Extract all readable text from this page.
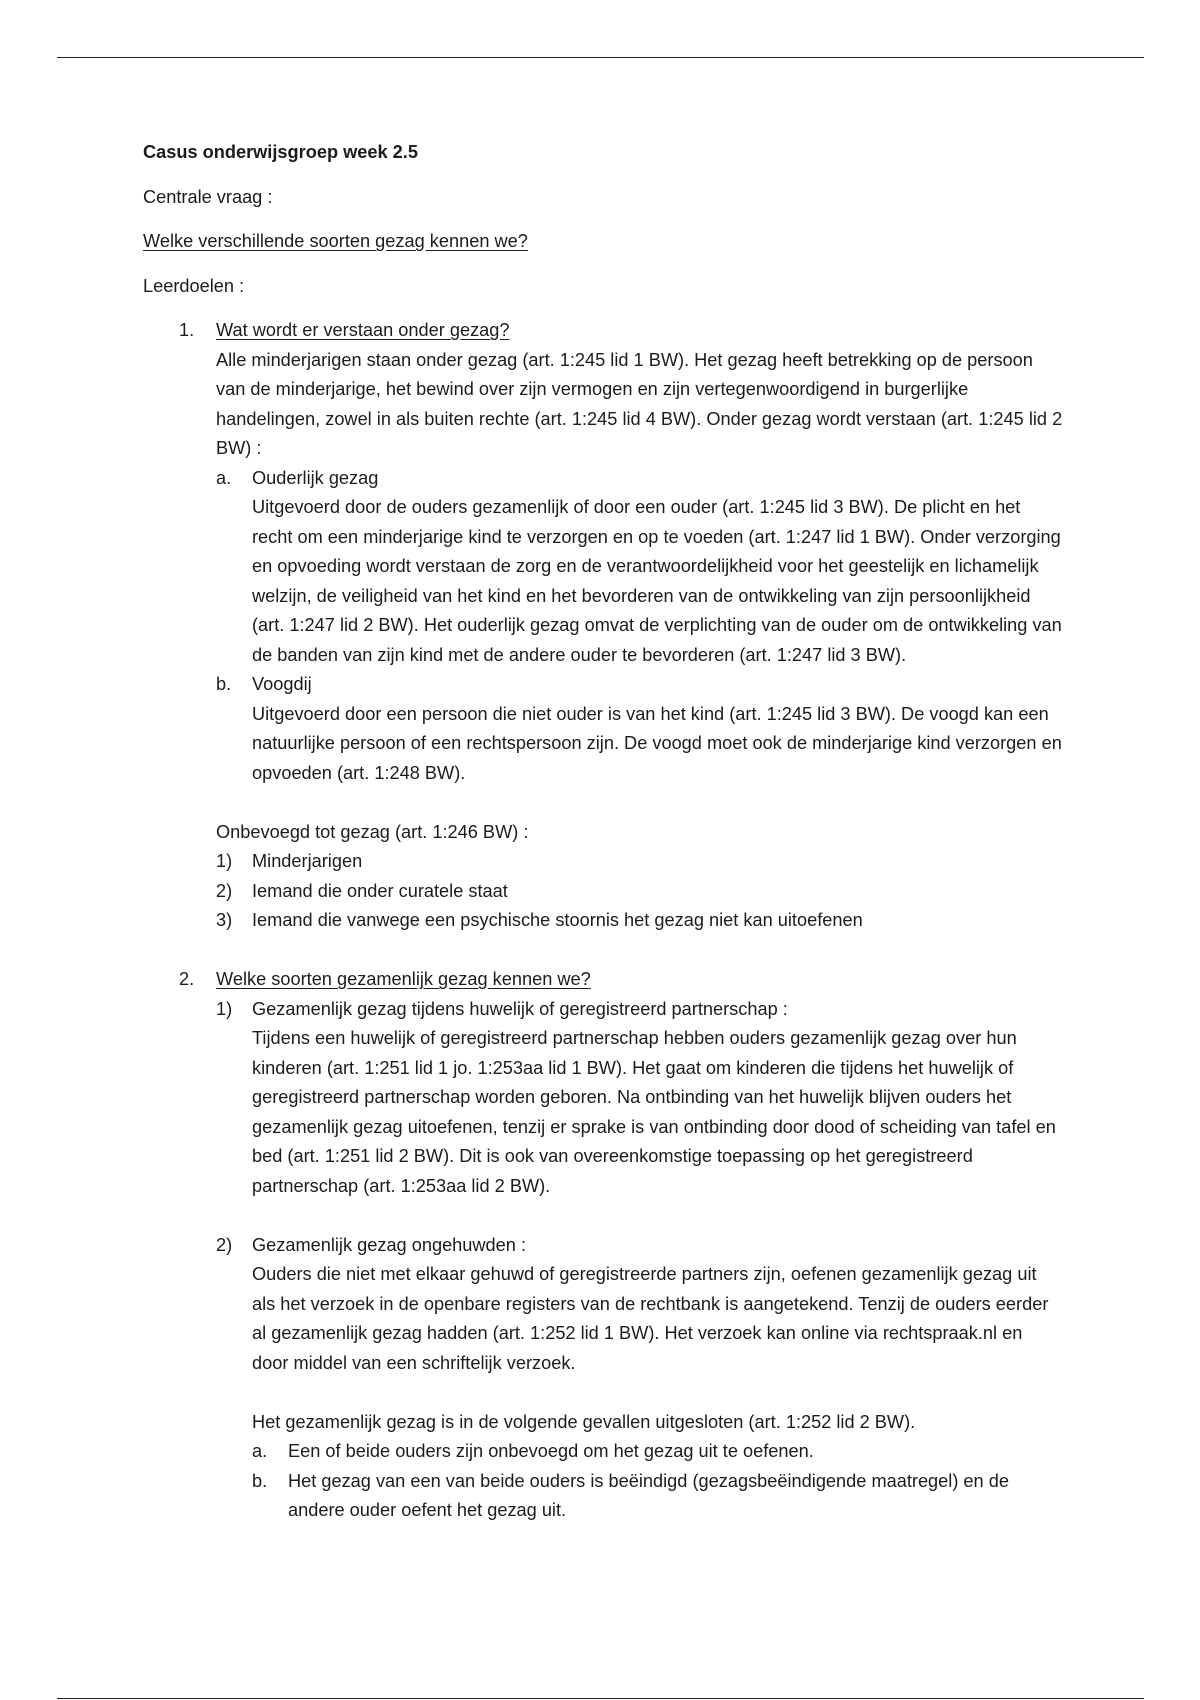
Casus onderwijsgroep week 2.5

Centrale vraag :

Welke verschillende soorten gezag kennen we?

Leerdoelen :

1. Wat wordt er verstaan onder gezag?

Alle minderjarigen staan onder gezag (art. 1:245 lid 1 BW). Het gezag heeft betrekking op de persoon van de minderjarige, het bewind over zijn vermogen en zijn vertegenwoordigend in burgerlijke handelingen, zowel in als buiten rechte (art. 1:245 lid 4 BW). Onder gezag wordt verstaan (art. 1:245 lid 2 BW) :

a. Ouderlijk gezag

Uitgevoerd door de ouders gezamenlijk of door een ouder (art. 1:245 lid 3 BW). De plicht en het recht om een minderjarige kind te verzorgen en op te voeden (art. 1:247 lid 1 BW). Onder verzorging en opvoeding wordt verstaan de zorg en de verantwoordelijkheid voor het geestelijk en lichamelijk welzijn, de veiligheid van het kind en het bevorderen van de ontwikkeling van zijn persoonlijkheid (art. 1:247 lid 2 BW). Het ouderlijk gezag omvat de verplichting van de ouder om de ontwikkeling van de banden van zijn kind met de andere ouder te bevorderen (art. 1:247 lid 3 BW).

b. Voogdij

Uitgevoerd door een persoon die niet ouder is van het kind (art. 1:245 lid 3 BW). De voogd kan een natuurlijke persoon of een rechtspersoon zijn. De voogd moet ook de minderjarige kind verzorgen en opvoeden (art. 1:248 BW).

Onbevoegd tot gezag (art. 1:246 BW) :

1) Minderjarigen

2) Iemand die onder curatele staat

3) Iemand die vanwege een psychische stoornis het gezag niet kan uitoefenen

2. Welke soorten gezamenlijk gezag kennen we?

1) Gezamenlijk gezag tijdens huwelijk of geregistreerd partnerschap :

Tijdens een huwelijk of geregistreerd partnerschap hebben ouders gezamenlijk gezag over hun kinderen (art. 1:251 lid 1 jo. 1:253aa lid 1 BW). Het gaat om kinderen die tijdens het huwelijk of geregistreerd partnerschap worden geboren. Na ontbinding van het huwelijk blijven ouders het gezamenlijk gezag uitoefenen, tenzij er sprake is van ontbinding door dood of scheiding van tafel en bed (art. 1:251 lid 2 BW). Dit is ook van overeenkomstige toepassing op het geregistreerd partnerschap (art. 1:253aa lid 2 BW).

2) Gezamenlijk gezag ongehuwden :

Ouders die niet met elkaar gehuwd of geregistreerde partners zijn, oefenen gezamenlijk gezag uit als het verzoek in de openbare registers van de rechtbank is aangetekend. Tenzij de ouders eerder al gezamenlijk gezag hadden (art. 1:252 lid 1 BW). Het verzoek kan online via rechtspraak.nl en door middel van een schriftelijk verzoek.

Het gezamenlijk gezag is in de volgende gevallen uitgesloten (art. 1:252 lid 2 BW).

a. Een of beide ouders zijn onbevoegd om het gezag uit te oefenen.

b. Het gezag van een van beide ouders is beëindigd (gezagsbeëindigende maatregel) en de andere ouder oefent het gezag uit.
